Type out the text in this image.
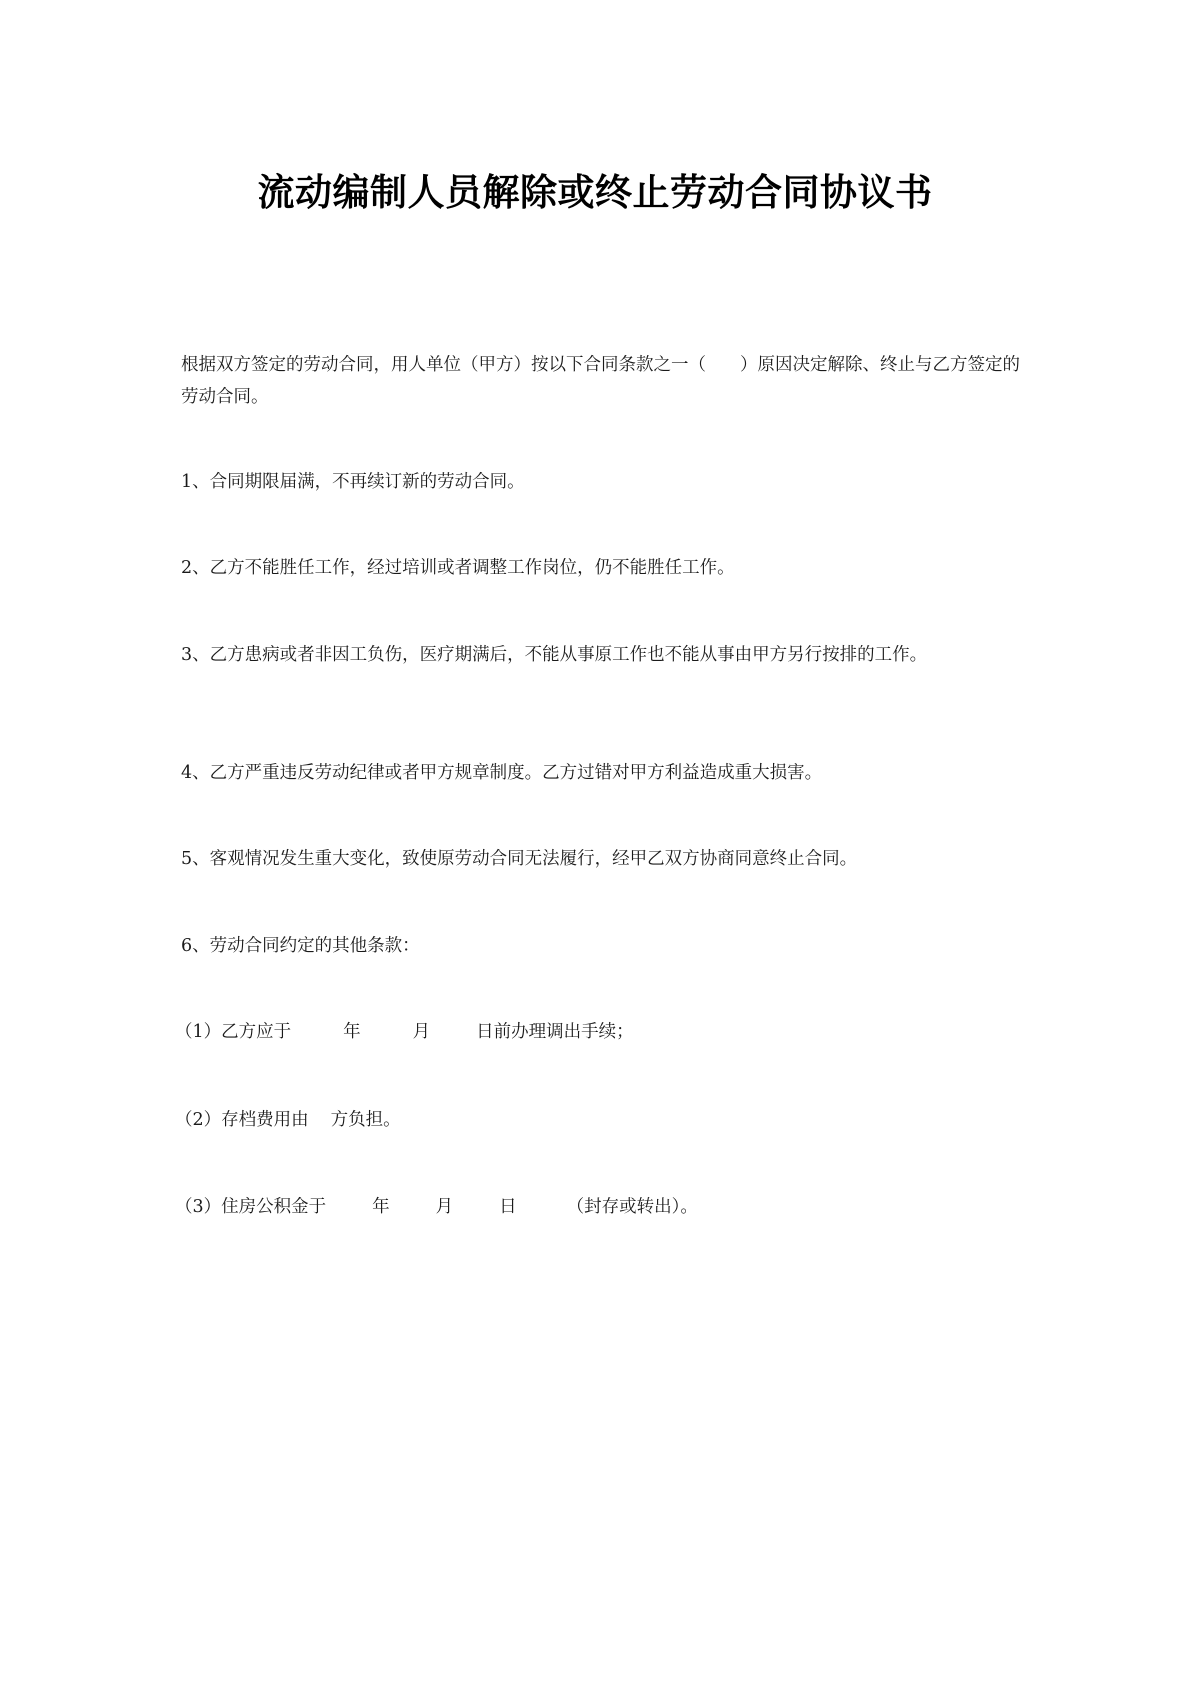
流动编制人员解除或终止劳动合同协议书
根据双方签定的劳动合同，用人单位（甲方）按以下合同条款之一（ ）原因决定解除、终止与乙方签定的劳动合同。
1、合同期限届满，不再续订新的劳动合同。
2、乙方不能胜任工作，经过培训或者调整工作岗位，仍不能胜任工作。
3、乙方患病或者非因工负伤，医疗期满后，不能从事原工作也不能从事由甲方另行按排的工作。
4、乙方严重违反劳动纪律或者甲方规章制度。乙方过错对甲方利益造成重大损害。
5、客观情况发生重大变化，致使原劳动合同无法履行，经甲乙双方协商同意终止合同。
6、劳动合同约定的其他条款：
（1）乙方应于	年	月	日前办理调出手续；
（2）存档费用由 方负担。
（3）住房公积金于	年	月	日	（封存或转出）。
